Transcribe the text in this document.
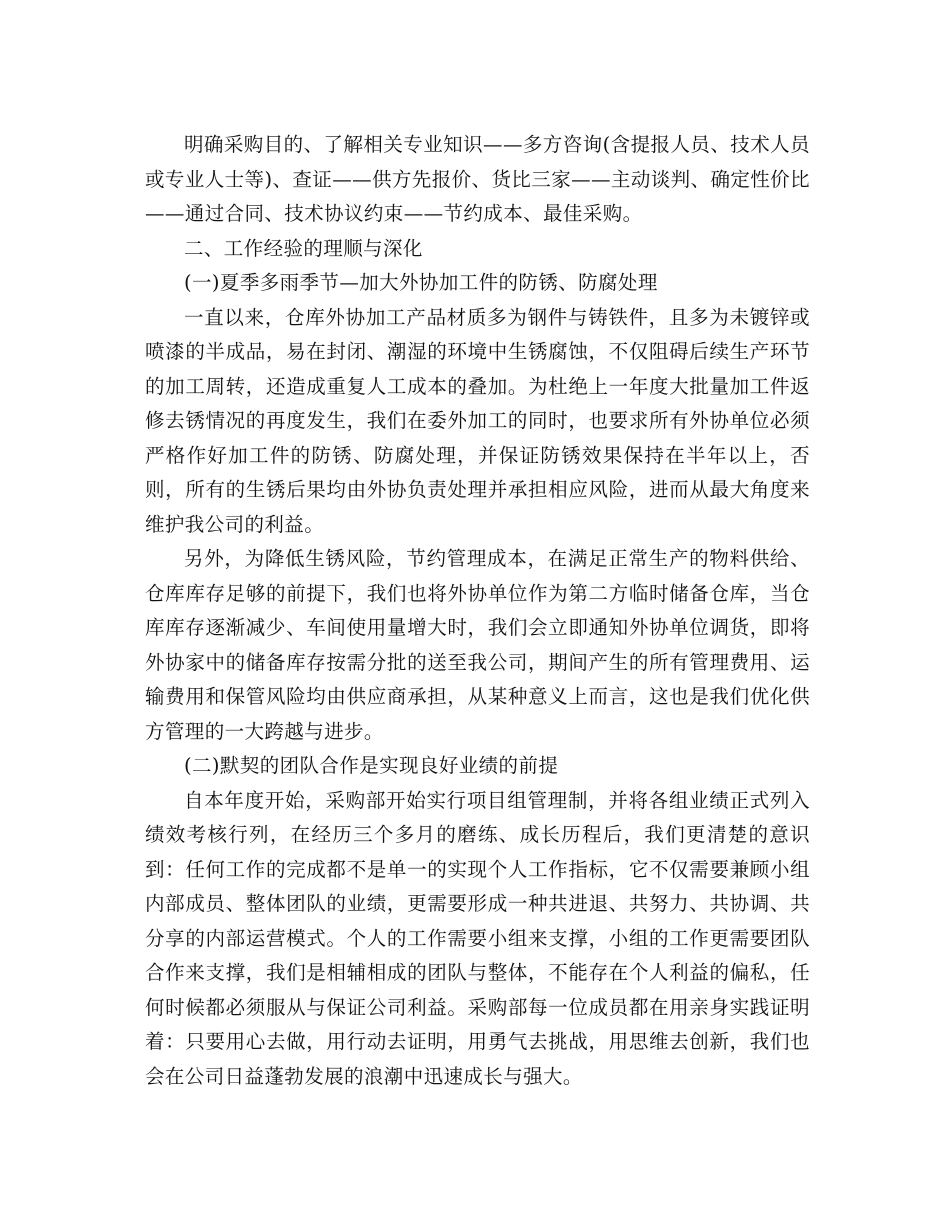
明确采购目的、了解相关专业知识——多方咨询(含提报人员、技术人员或专业人士等)、查证——供方先报价、货比三家——主动谈判、确定性价比——通过合同、技术协议约束——节约成本、最佳采购。

二、工作经验的理顺与深化

(一)夏季多雨季节—加大外协加工件的防锈、防腐处理

一直以来，仓库外协加工产品材质多为钢件与铸铁件，且多为未镀锌或喷漆的半成品，易在封闭、潮湿的环境中生锈腐蚀，不仅阻碍后续生产环节的加工周转，还造成重复人工成本的叠加。为杜绝上一年度大批量加工件返修去锈情况的再度发生，我们在委外加工的同时，也要求所有外协单位必须严格作好加工件的防锈、防腐处理，并保证防锈效果保持在半年以上，否则，所有的生锈后果均由外协负责处理并承担相应风险，进而从最大角度来维护我公司的利益。

另外，为降低生锈风险，节约管理成本，在满足正常生产的物料供给、仓库库存足够的前提下，我们也将外协单位作为第二方临时储备仓库，当仓库库存逐渐减少、车间使用量增大时，我们会立即通知外协单位调货，即将外协家中的储备库存按需分批的送至我公司，期间产生的所有管理费用、运输费用和保管风险均由供应商承担，从某种意义上而言，这也是我们优化供方管理的一大跨越与进步。

(二)默契的团队合作是实现良好业绩的前提

自本年度开始，采购部开始实行项目组管理制，并将各组业绩正式列入绩效考核行列，在经历三个多月的磨练、成长历程后，我们更清楚的意识到：任何工作的完成都不是单一的实现个人工作指标，它不仅需要兼顾小组内部成员、整体团队的业绩，更需要形成一种共进退、共努力、共协调、共分享的内部运营模式。个人的工作需要小组来支撑，小组的工作更需要团队合作来支撑，我们是相辅相成的团队与整体，不能存在个人利益的偏私，任何时候都必须服从与保证公司利益。采购部每一位成员都在用亲身实践证明着：只要用心去做，用行动去证明，用勇气去挑战，用思维去创新，我们也会在公司日益蓬勃发展的浪潮中迅速成长与强大。
